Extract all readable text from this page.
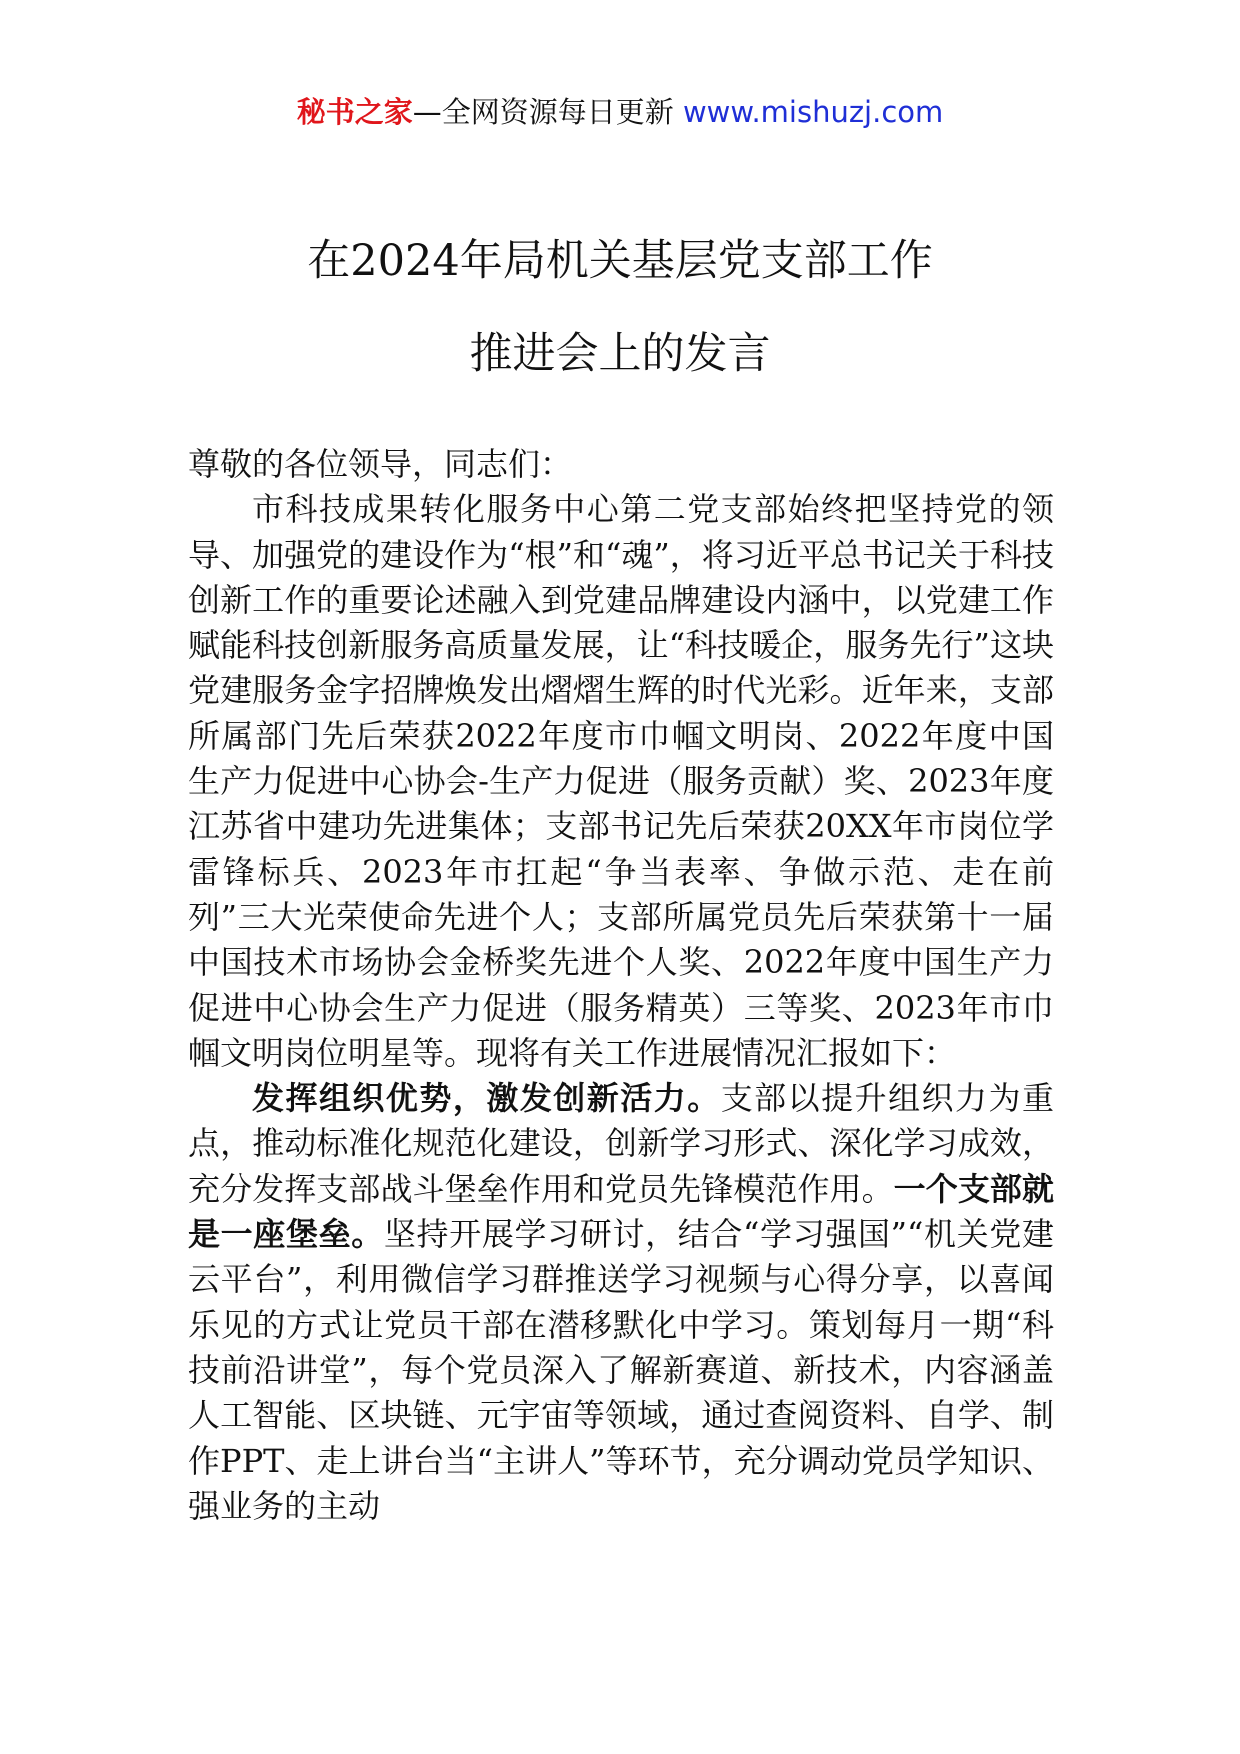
秘书之家—全网资源每日更新 www.mishuzj.com
在2024年局机关基层党支部工作
推进会上的发言

尊敬的各位领导，同志们：

市科技成果转化服务中心第二党支部始终把坚持党的领导、加强党的建设作为“根”和“魂”，将习近平总书记关于科技创新工作的重要论述融入到党建品牌建设内涵中，以党建工作赋能科技创新服务高质量发展，让“科技暖企，服务先行”这块党建服务金字招牌焕发出熠熠生辉的时代光彩。近年来，支部所属部门先后荣获2022年度市巾帼文明岗、2022年度中国生产力促进中心协会-生产力促进（服务贡献）奖、2023年度江苏省中建功先进集体；支部书记先后荣获20XX年市岗位学雷锋标兵、2023年市扛起“争当表率、争做示范、走在前列”三大光荣使命先进个人；支部所属党员先后荣获第十一届中国技术市场协会金桥奖先进个人奖、2022年度中国生产力促进中心协会生产力促进（服务精英）三等奖、2023年市巾帼文明岗位明星等。现将有关工作进展情况汇报如下：

发挥组织优势，激发创新活力。支部以提升组织力为重点，推动标准化规范化建设，创新学习形式、深化学习成效，充分发挥支部战斗堡垒作用和党员先锋模范作用。一个支部就是一座堡垒。坚持开展学习研讨，结合“学习强国”“机关党建云平台”，利用微信学习群推送学习视频与心得分享，以喜闻乐见的方式让党员干部在潜移默化中学习。策划每月一期“科技前沿讲堂”，每个党员深入了解新赛道、新技术，内容涵盖人工智能、区块链、元宇宙等领域，通过查阅资料、自学、制作PPT、走上讲台当“主讲人”等环节，充分调动党员学知识、强业务的主动
